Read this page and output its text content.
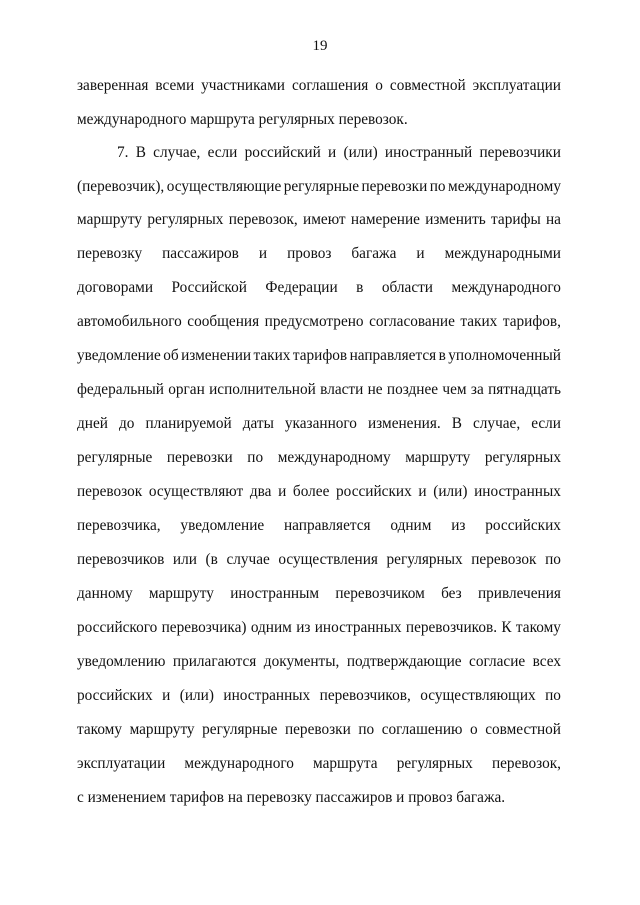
19
заверенная всеми участниками соглашения о совместной эксплуатации
международного маршрута регулярных перевозок.
7. В случае, если российский и (или) иностранный перевозчики
(перевозчик), осуществляющие регулярные перевозки по международному
маршруту регулярных перевозок, имеют намерение изменить тарифы на
перевозку пассажиров и провоз багажа и международными
договорами Российской Федерации в области международного
автомобильного сообщения предусмотрено согласование таких тарифов,
уведомление об изменении таких тарифов направляется в уполномоченный
федеральный орган исполнительной власти не позднее чем за пятнадцать
дней до планируемой даты указанного изменения. В случае, если
регулярные перевозки по международному маршруту регулярных
перевозок осуществляют два и более российских и (или) иностранных
перевозчика, уведомление направляется одним из российских
перевозчиков или (в случае осуществления регулярных перевозок по
данному маршруту иностранным перевозчиком без привлечения
российского перевозчика) одним из иностранных перевозчиков. К такому
уведомлению прилагаются документы, подтверждающие согласие всех
российских и (или) иностранных перевозчиков, осуществляющих по
такому маршруту регулярные перевозки по соглашению о совместной
эксплуатации международного маршрута регулярных перевозок,
с изменением тарифов на перевозку пассажиров и провоз багажа.
